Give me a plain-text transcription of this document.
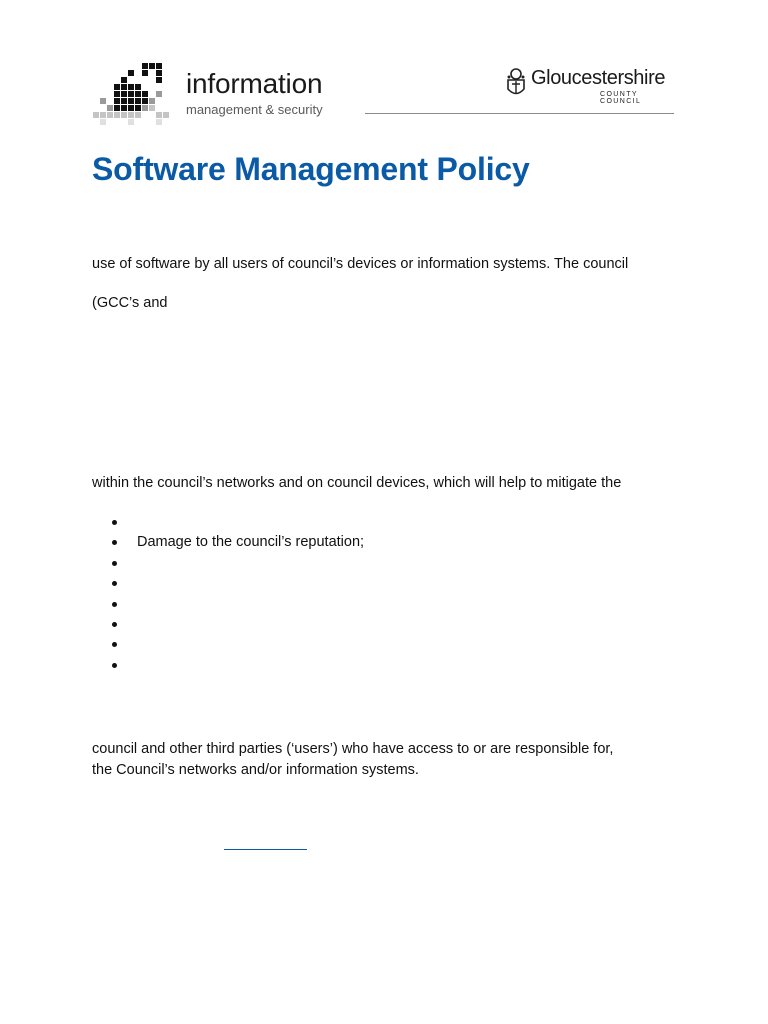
information
management & security
Gloucestershire
COUNTY COUNCIL
Software Management Policy

use of software by all users of council’s devices or information systems. The council

(GCC’s and

within the council’s networks and on council devices, which will help to mitigate the

Damage to the council’s reputation;
council and other third parties (‘users’) who have access to or are responsible for,
the Council’s networks and/or information systems.
